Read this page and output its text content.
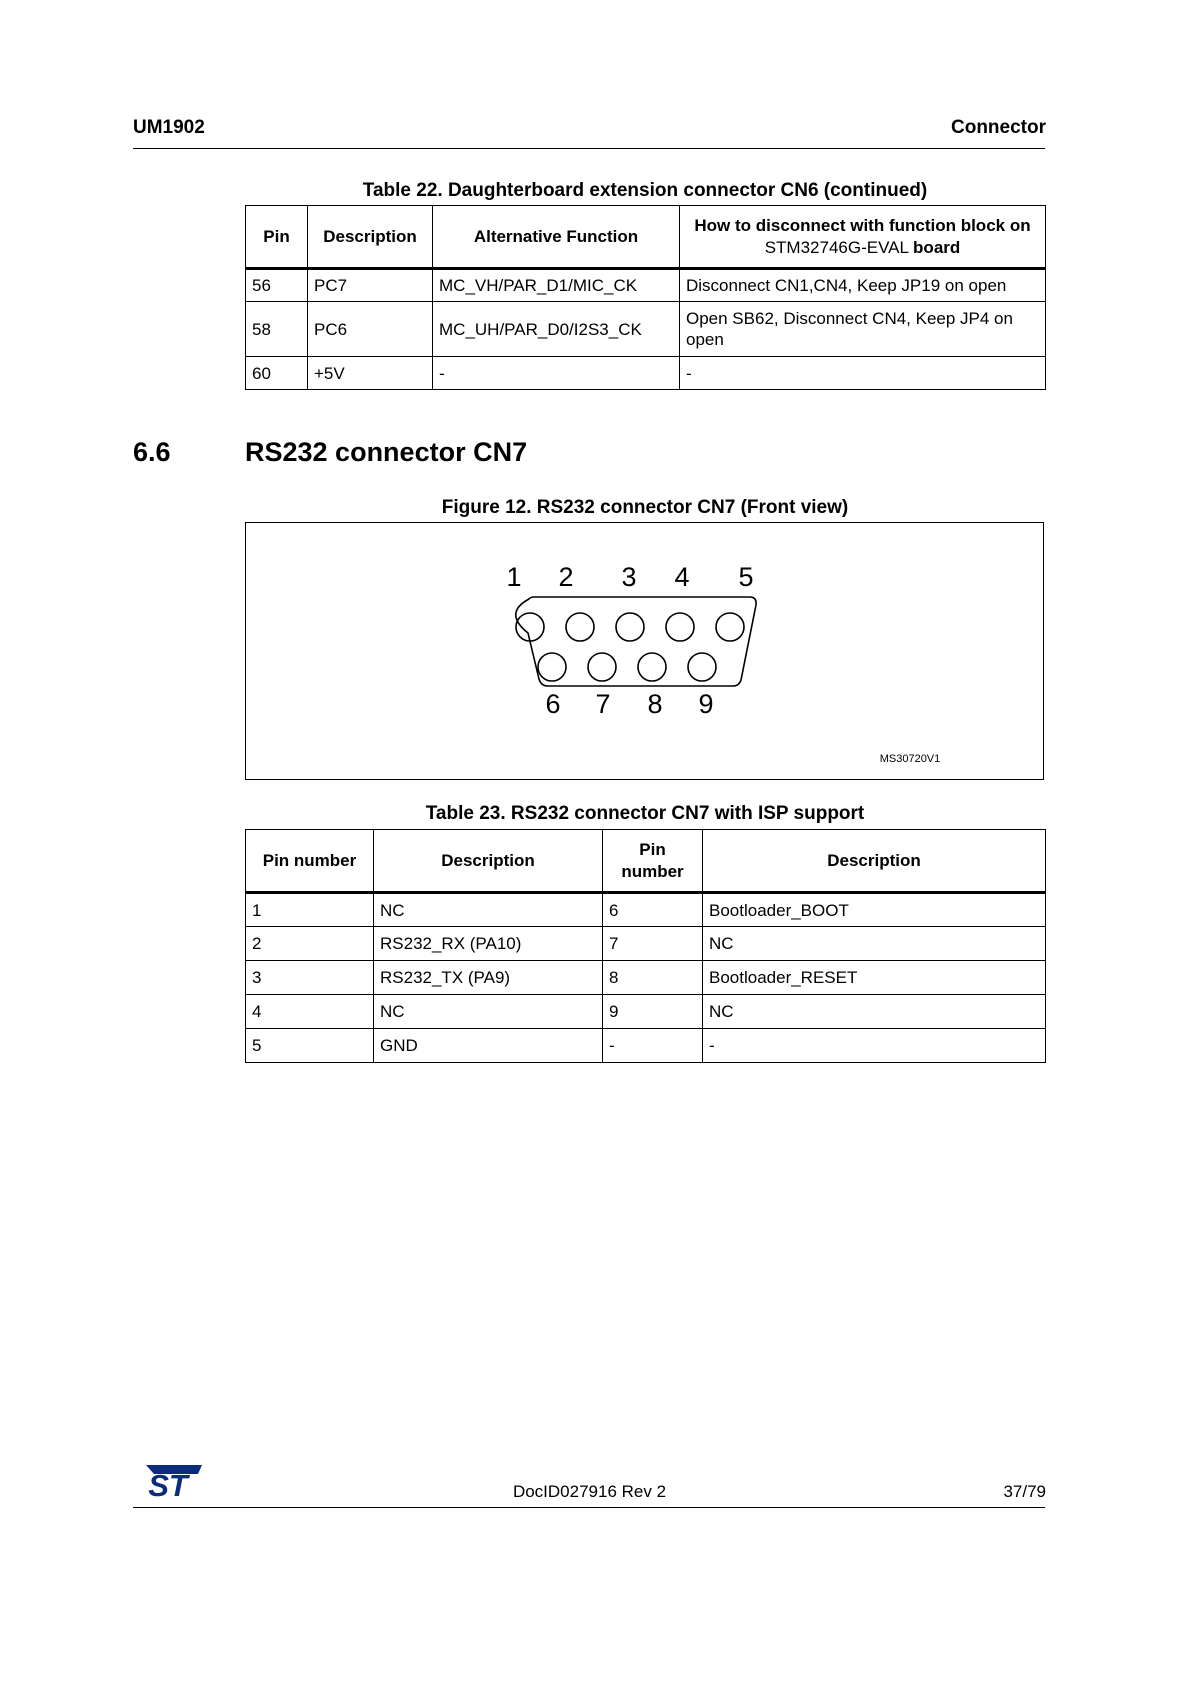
UM1902	Connector
Table 22. Daughterboard extension connector CN6 (continued)
Pin	Description	Alternative Function	How to disconnect with function block on
STM32746G-EVAL board

56	PC7	MC_VH/PAR_D1/MIC_CK	Disconnect CN1,CN4, Keep JP19 on open
58	PC6	MC_UH/PAR_D0/I2S3_CK	Open SB62, Disconnect CN4, Keep JP4 on open
60	+5V	-	-
6.6	RS232 connector CN7
Figure 12. RS232 connector CN7 (Front view)
1 2 3 4 5
6 7 8 9
MS30720V1
Table 23. RS232 connector CN7 with ISP support
Pin number	Description	Pin
number	Description
1	NC	6	Bootloader_BOOT
2	RS232_RX (PA10)	7	NC
3	RS232_TX (PA9)	8	Bootloader_RESET
4	NC	9	NC
5	GND	-	-
ST	DocID027916 Rev 2	37/79
